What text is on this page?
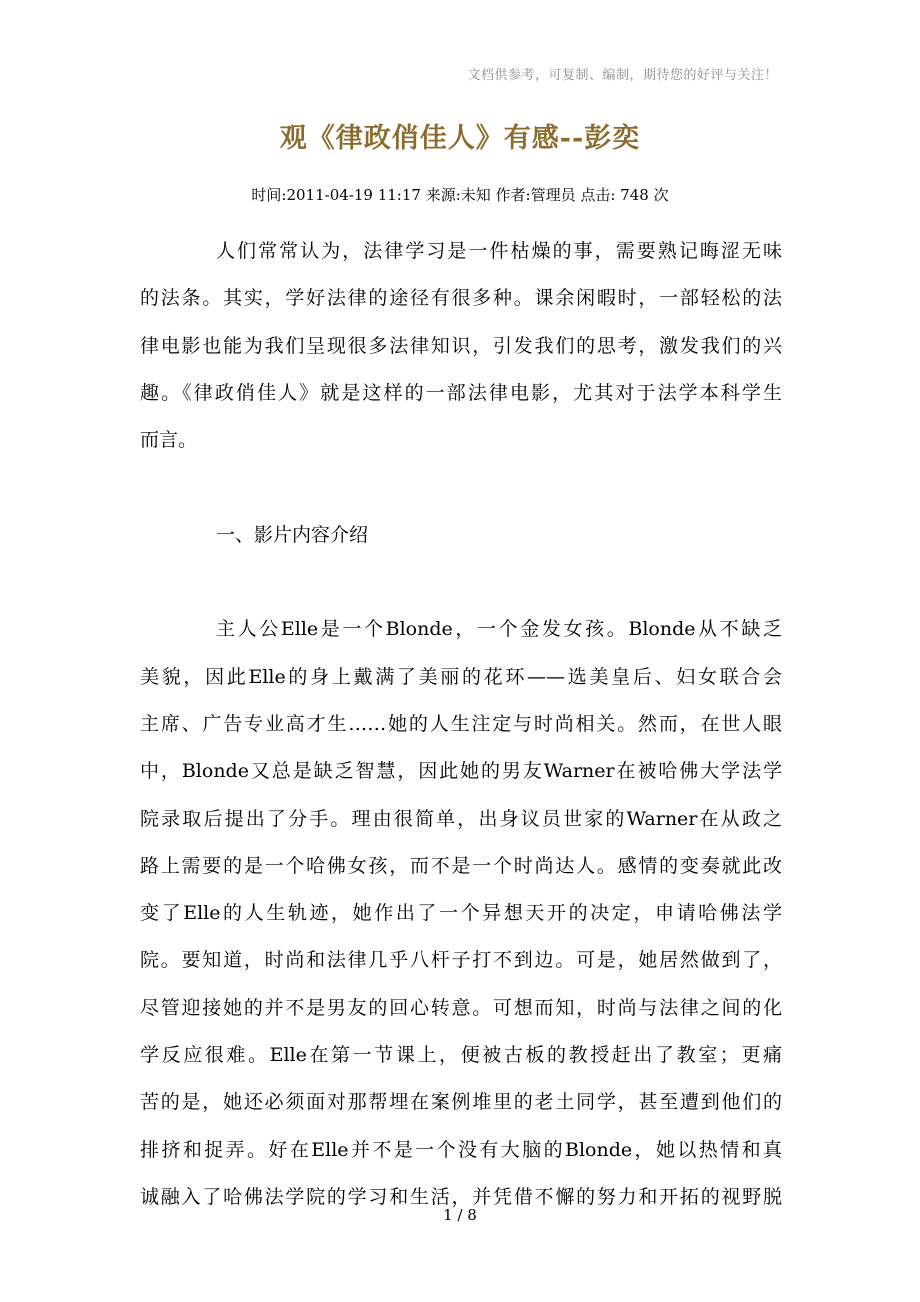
文档供参考，可复制、编制，期待您的好评与关注！
观《律政俏佳人》有感--彭奕
时间:2011-04-19 11:17 来源:未知 作者:管理员 点击: 748 次
人们常常认为，法律学习是一件枯燥的事，需要熟记晦涩无味
的法条。其实，学好法律的途径有很多种。课余闲暇时，一部轻松的法
律电影也能为我们呈现很多法律知识，引发我们的思考，激发我们的兴
趣。《律政俏佳人》就是这样的一部法律电影，尤其对于法学本科学生
而言。
一、影片内容介绍
主人公Elle是一个Blonde，一个金发女孩。Blonde从不缺乏
美貌，因此Elle的身上戴满了美丽的花环——选美皇后、妇女联合会
主席、广告专业高才生……她的人生注定与时尚相关。然而，在世人眼
中，Blonde又总是缺乏智慧，因此她的男友Warner在被哈佛大学法学
院录取后提出了分手。理由很简单，出身议员世家的Warner在从政之
路上需要的是一个哈佛女孩，而不是一个时尚达人。感情的变奏就此改
变了Elle的人生轨迹，她作出了一个异想天开的决定，申请哈佛法学
院。要知道，时尚和法律几乎八杆子打不到边。可是，她居然做到了，
尽管迎接她的并不是男友的回心转意。可想而知，时尚与法律之间的化
学反应很难。Elle在第一节课上，便被古板的教授赶出了教室；更痛
苦的是，她还必须面对那帮埋在案例堆里的老土同学，甚至遭到他们的
排挤和捉弄。好在Elle并不是一个没有大脑的Blonde，她以热情和真
诚融入了哈佛法学院的学习和生活，并凭借不懈的努力和开拓的视野脱
1 / 8
